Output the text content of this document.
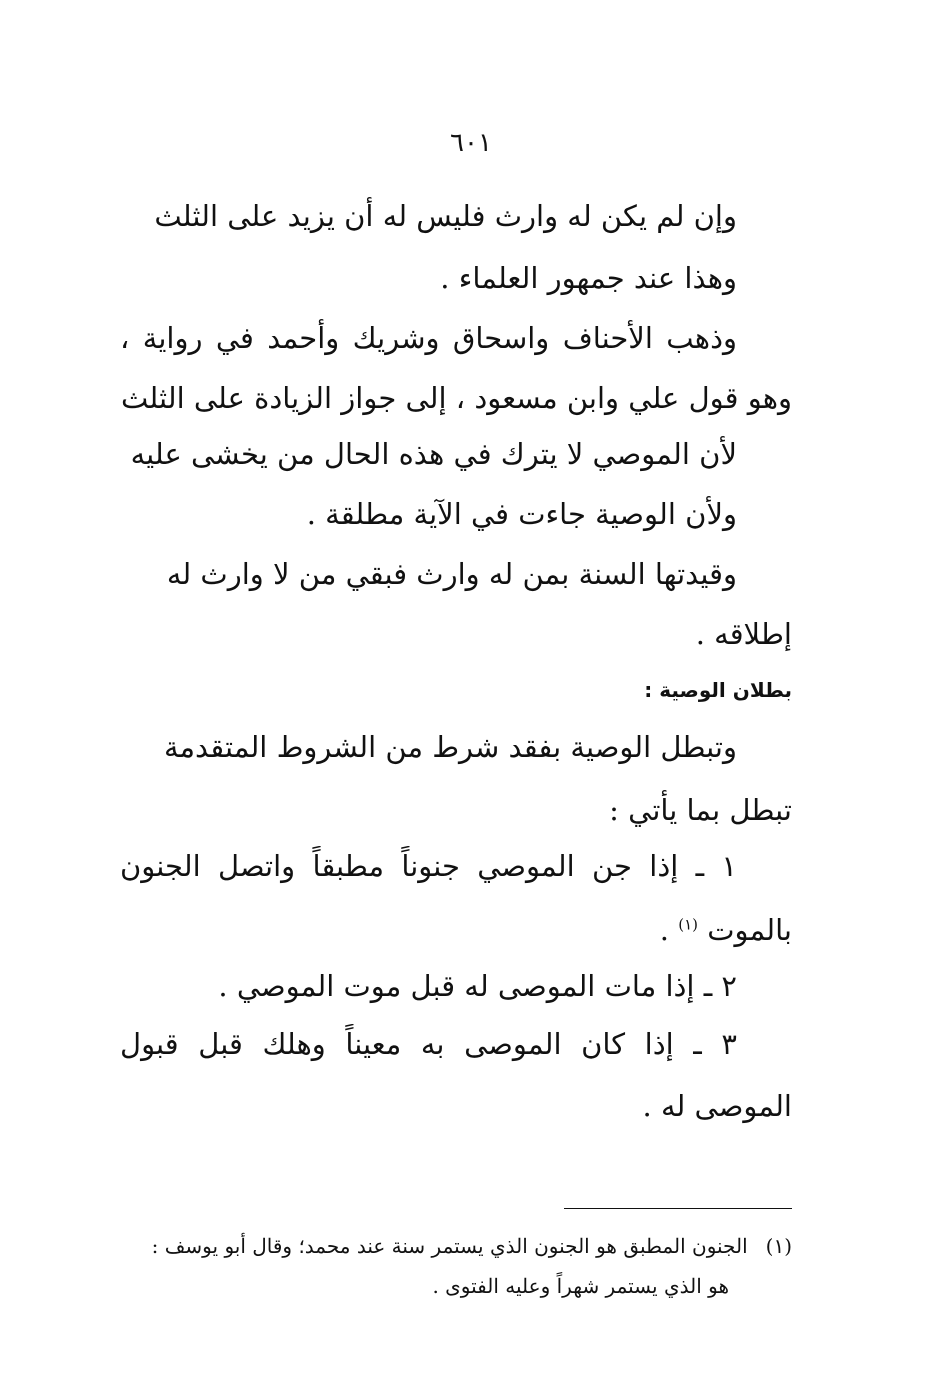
٦٠١
وإن لم يكن له وارث فليس له أن يزيد على الثلث
وهذا عند جمهور العلماء .
وذهب الأحناف واسحاق وشريك وأحمد في رواية ،
وهو قول علي وابن مسعود ، إلى جواز الزيادة على الثلث
لأن الموصي لا يترك في هذه الحال من يخشى عليه
ولأن الوصية جاءت في الآية مطلقة .
وقيدتها السنة بمن له وارث فبقي من لا وارث له
إطلاقه .
بطلان الوصية :
وتبطل الوصية بفقد شرط من الشروط المتقدمة
تبطل بما يأتي :
١ ـ إذا جن الموصي جنوناً مطبقاً واتصل الجنون
بالموت $^{(١)}$ .
٢ ـ إذا مات الموصى له قبل موت الموصي .
٣ ـ إذا كان الموصى به معيناً وهلك قبل قبول
الموصى له .
(١)الجنون المطبق هو الجنون الذي يستمر سنة عند محمد؛ وقال أبو يوسف :
هو الذي يستمر شهراً وعليه الفتوى .
